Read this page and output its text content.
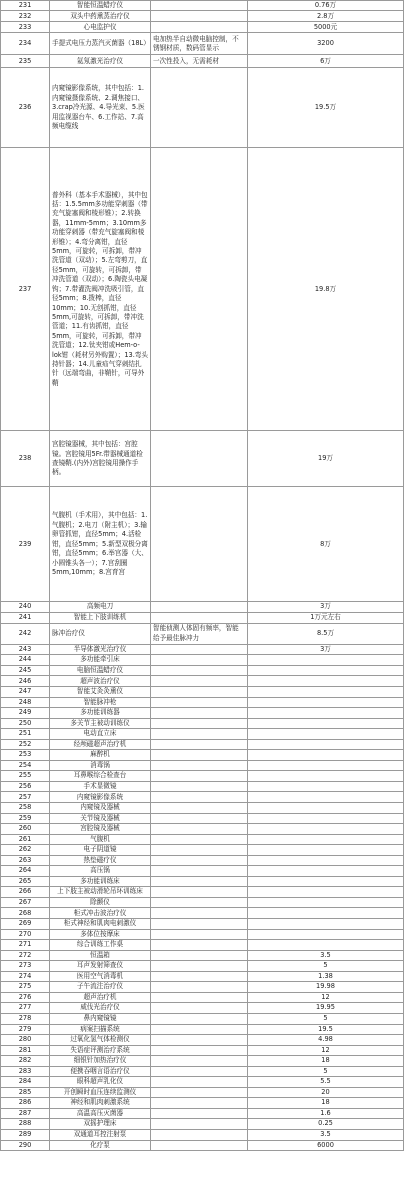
231	智能恒温蜡疗仪		0.76万
232	双头中药熏蒸治疗仪		2.8万
233	心电监护仪		5000元
234	手提式电压力蒸汽灭菌器（18L）	电加热半自动微电脑控制，不锈钢材质，数码管显示	3200
235	氦氖激光治疗仪	一次性投入，无需耗材	6万
236	内窥镜影像系统，其中包括：1.内窥镜摄像系统、2.调焦接口、3.crap冷光源、4.导光束、5.医用监视器台车、6.工作站、7.高频电缆线		19.5万
237	普外科（基本手术器械），其中包括：1.5.5mm多功能穿刺器（带充气旋塞阀和棱形锥）；2.转换器，11mm-5mm；3.10mm多功能穿刺器（带充气旋塞阀和棱形锥）；4.弯分离钳，直径5mm，可旋转，可拆卸，带冲洗管道（双动）；5.左弯剪刀，直径5mm，可旋转，可拆卸，带冲洗管道（双动）；6.陶瓷头电凝钩；7.带灌洗阀冲洗吸引管，直径5mm；8.拨棒，直径10mm；10.无创抓钳，直径5mm,可旋转，可拆卸，带冲洗管道；11.有齿抓钳，直径5mm，可旋转，可拆卸，带冲洗管道；12.钛夹钳或Hem-o-lok钳（耗材另外购置）；13.弯头持针器；14.儿童疝气穿刺结扎针（远端弯曲，非鞘针，可导外鞘		19.8万
238	宫腔镜器械，其中包括：宫腔镜。宫腔镜用5Fr.带器械通道检查镜鞘.(内外)宫腔镜用操作手柄。		19万
239	气腹机（手术用），其中包括：1.气腹机；2.电刀（附主机）；3.输卵管抓钳，直径5mm；4.活检钳，直径5mm；5.新型双极分离钳，直径5mm；6.举宫器（大、小圆锥头各一）；7.宫刮圈5mm,10mm；8.宫育宫		8万
240	高频电刀		3万
241	智能上下肢训练机		1万元左右
242	脉冲治疗仪	智能侦测人体固有频率，智能给予最佳脉冲力	8.5万
243	半导体激光治疗仪		3万
244	多功能牵引床		
245	电脑恒温蜡疗仪		
246	超声波治疗仪		
247	智能艾灸灸熏仪		
248	智能脉冲枪		
249	多功能训练器		
250	多关节主被动训练仪		
251	电动直立床		
252	经颅磁超声治疗机		
253	麻醉机		
254	消毒锅		
255	耳鼻喉综合检查台		
256	手术显微镜		
257	内窥镜影像系统		
258	内窥镜及器械		
259	关节镜及器械		
260	宫腔镜及器械		
261	气腹机		
262	电子阴道镜		
263	热垫磁疗仪		
264	高压锅		
265	多功能训练床		
266	上下肢主被动滑轮吊环训练床		
267	除颤仪		
268	柜式冲击波治疗仪		
269	柜式神经和肌肉电刺激仪		
270	多体位按摩床		
271	综合训练工作桌		
272	恒温箱		3.5
273	耳声发射筛查仪		5
274	医用空气消毒机		1.38
275	子午流注治疗仪		19.98
276	超声治疗机		12
277	威伐光治疗仪		19.95
278	鼻内窥镜镜		5
279	病案扫描系统		19.5
280	过氧化氢气体检测仪		4.98
281	失语症评测治疗系统		12
282	细银针加热治疗仪		18
283	便携吞咽言语治疗仪		5
284	眼科超声乳化仪		5.5
285	开创瞬时血压连续监测仪		20
286	神经和肌肉刺激系统		18
287	高温高压灭菌器		1.6
288	双摇护理床		0.25
289	双通道耳控注射泵		3.5
290	化疗泵		6000
